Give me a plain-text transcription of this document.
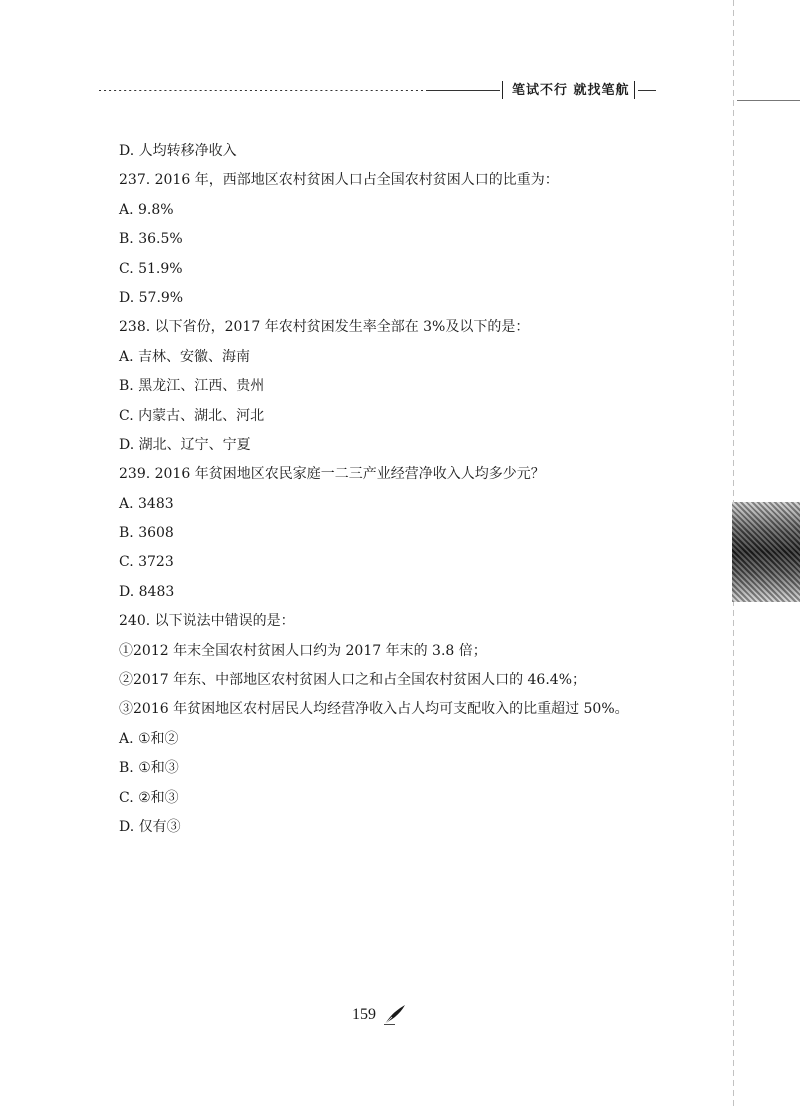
笔试不行 就找笔航
D. 人均转移净收入
237. 2016 年，西部地区农村贫困人口占全国农村贫困人口的比重为：
A. 9.8%
B. 36.5%
C. 51.9%
D. 57.9%
238. 以下省份，2017 年农村贫困发生率全部在 3%及以下的是：
A. 吉林、安徽、海南
B. 黑龙江、江西、贵州
C. 内蒙古、湖北、河北
D. 湖北、辽宁、宁夏
239. 2016 年贫困地区农民家庭一二三产业经营净收入人均多少元？
A. 3483
B. 3608
C. 3723
D. 8483
240. 以下说法中错误的是：
①2012 年末全国农村贫困人口约为 2017 年末的 3.8 倍；
②2017 年东、中部地区农村贫困人口之和占全国农村贫困人口的 46.4%；
③2016 年贫困地区农村居民人均经营净收入占人均可支配收入的比重超过 50%。
A. ①和②
B. ①和③
C. ②和③
D. 仅有③
159
